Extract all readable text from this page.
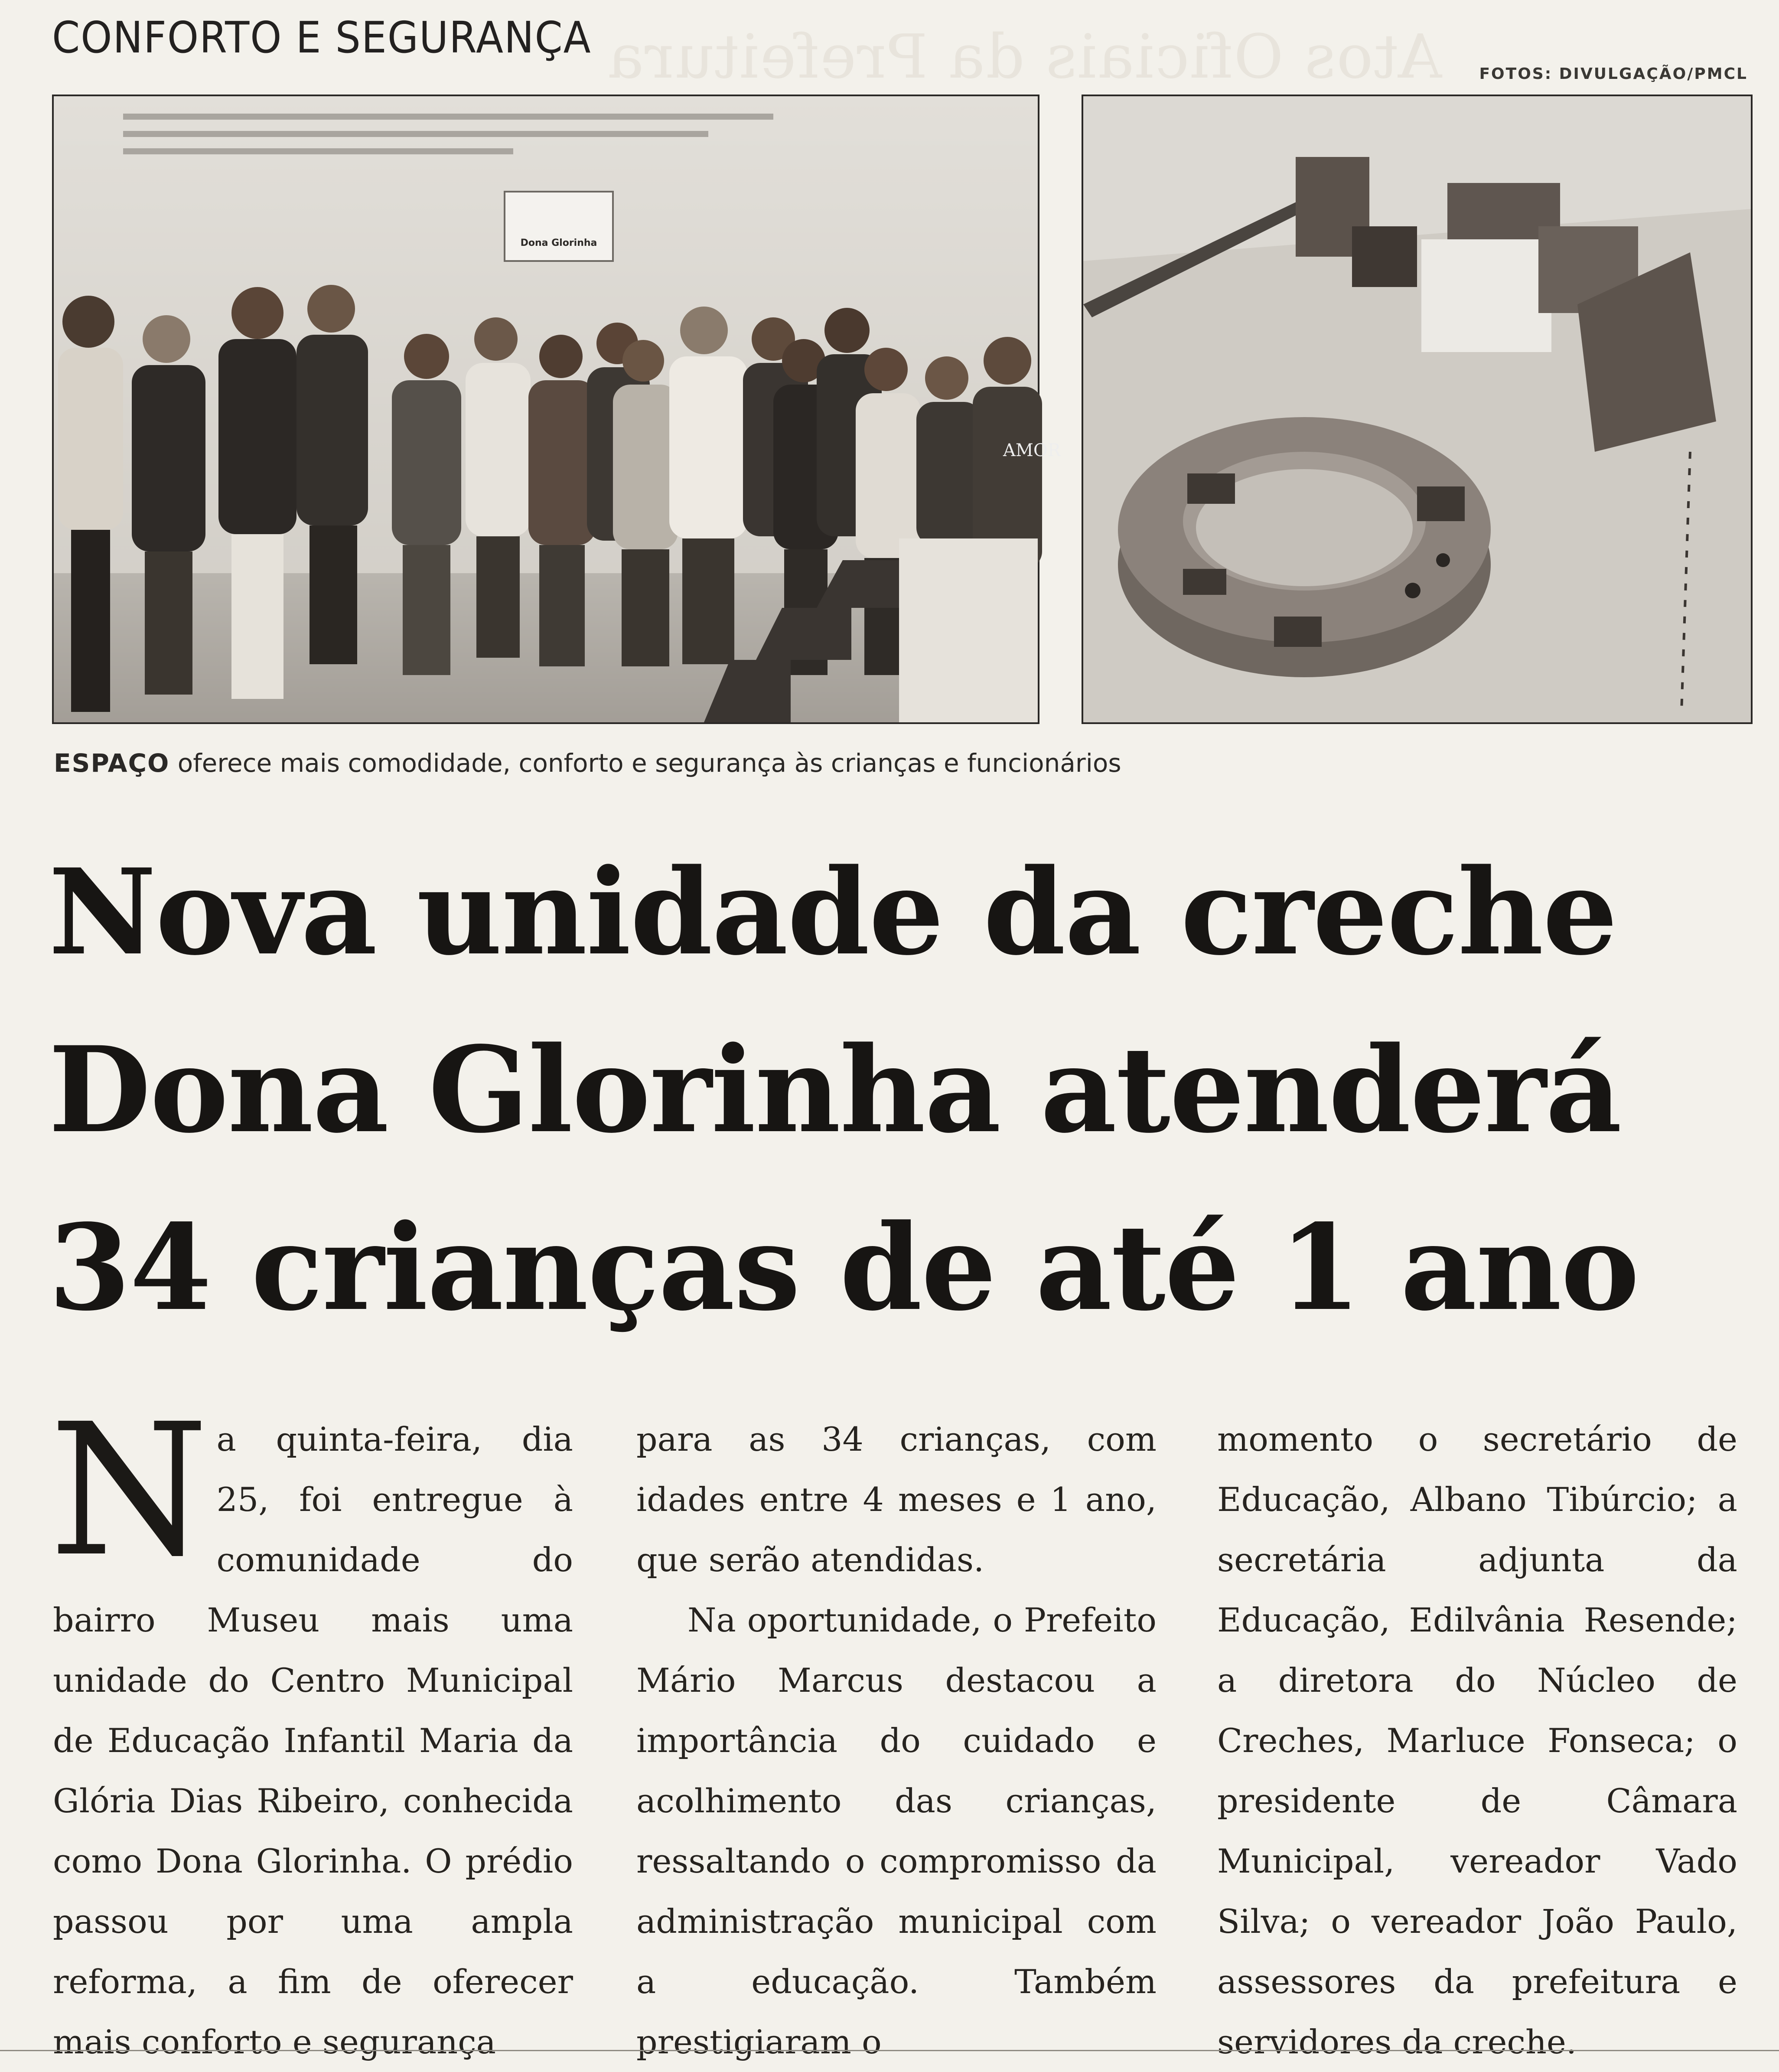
Atos Oficiais da Prefeitura
CONFORTO E SEGURANÇA
FOTOS: DIVULGAÇÃO/PMCL
Dona Glorinha
AMOR
ESPAÇO oferece mais comodidade, conforto e segurança às crianças e funcionários
Nova unidade da creche
Dona Glorinha atenderá
34 crianças de até 1 ano

Na quinta-feira, dia 25, foi entregue à comunidade do bairro Museu mais uma unidade do Centro Municipal de Educação Infantil Maria da Glória Dias Ribeiro, conhecida como Dona Glorinha. O prédio passou por uma ampla reforma, a fim de oferecer mais conforto e segurança

para as 34 crianças, com idades entre 4 meses e 1 ano, que serão atendidas.

Na oportunidade, o Prefeito Mário Marcus destacou a importância do cuidado e acolhimento das crianças, ressaltando o compromisso da administração municipal com a educação. Também prestigiaram o

momento o secretário de Educação, Albano Tibúrcio; a secretária adjunta da Educação, Edilvânia Resende; a diretora do Núcleo de Creches, Marluce Fonseca; o presidente de Câmara Municipal, vereador Vado Silva; o vereador João Paulo, assessores da prefeitura e servidores da creche.
